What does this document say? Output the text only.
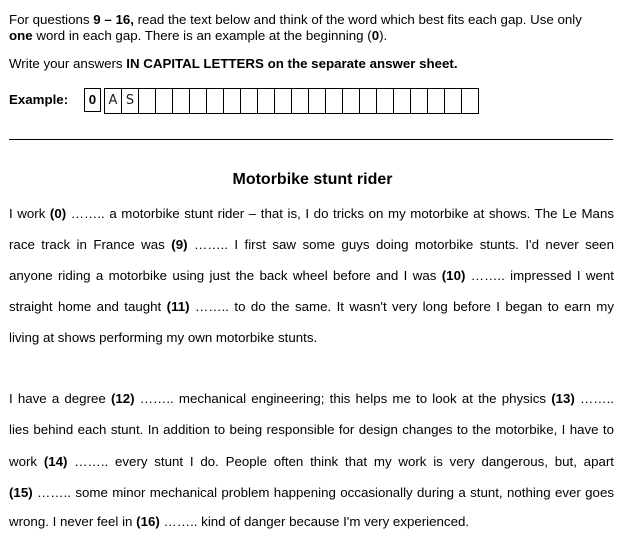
For questions 9 – 16, read the text below and think of the word which best fits each gap. Use only
one word in each gap. There is an example at the beginning (0).
Write your answers IN CAPITAL LETTERS on the separate answer sheet.
Example:	0 A S
Motorbike stunt rider
I work (0) …….. a motorbike stunt rider – that is, I do tricks on my motorbike at shows. The Le Mans
race track in France was (9) …….. I first saw some guys doing motorbike stunts. I'd never seen
anyone riding a motorbike using just the back wheel before and I was (10) …….. impressed I went
straight home and taught (11) …….. to do the same. It wasn't very long before I began to earn my
living at shows performing my own motorbike stunts.
I have a degree (12) …….. mechanical engineering; this helps me to look at the physics (13) ……..
lies behind each stunt. In addition to being responsible for design changes to the motorbike, I have to
work (14) …….. every stunt I do. People often think that my work is very dangerous, but, apart
(15) …….. some minor mechanical problem happening occasionally during a stunt, nothing ever goes
wrong. I never feel in (16) …….. kind of danger because I'm very experienced.
